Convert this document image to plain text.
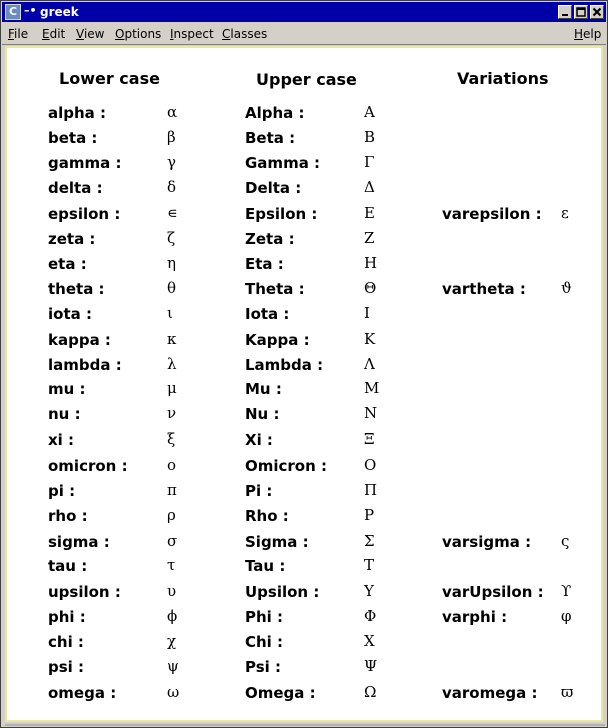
C –• greek
File Edit View Options Inspect Classes	Help
Lower case	Upper case	Variations
alpha :	α	Alpha :	Α
beta :	β	Beta :	Β
gamma :	γ	Gamma :	Γ
delta :	δ	Delta :	Δ
epsilon :	∊	Epsilon :	Ε	varepsilon : ε
zeta :	ζ	Zeta :	Ζ
eta :	η	Eta :	Η
theta :	θ	Theta :	Θ	vartheta : ϑ
iota :	ι	Iota :	Ι
kappa :	κ	Kappa :	Κ
lambda :	λ	Lambda :	Λ
mu :	μ	Mu :	Μ
nu :	ν	Nu :	Ν
xi :	ξ	Xi :	Ξ
omicron :	ο	Omicron : Ο
pi :	π	Pi :	Π
rho :	ρ	Rho :	Ρ
sigma :	σ	Sigma :	Σ	varsigma : ς
tau :	τ	Tau :	Τ
upsilon :	υ	Upsilon :	Υ	varUpsilon : ϒ
phi :	ϕ	Phi :	Φ	varphi :	φ
chi :	χ	Chi :	Χ
psi :	ψ	Psi :	Ψ
omega :	ω	Omega :	Ω	varomega : ϖ
